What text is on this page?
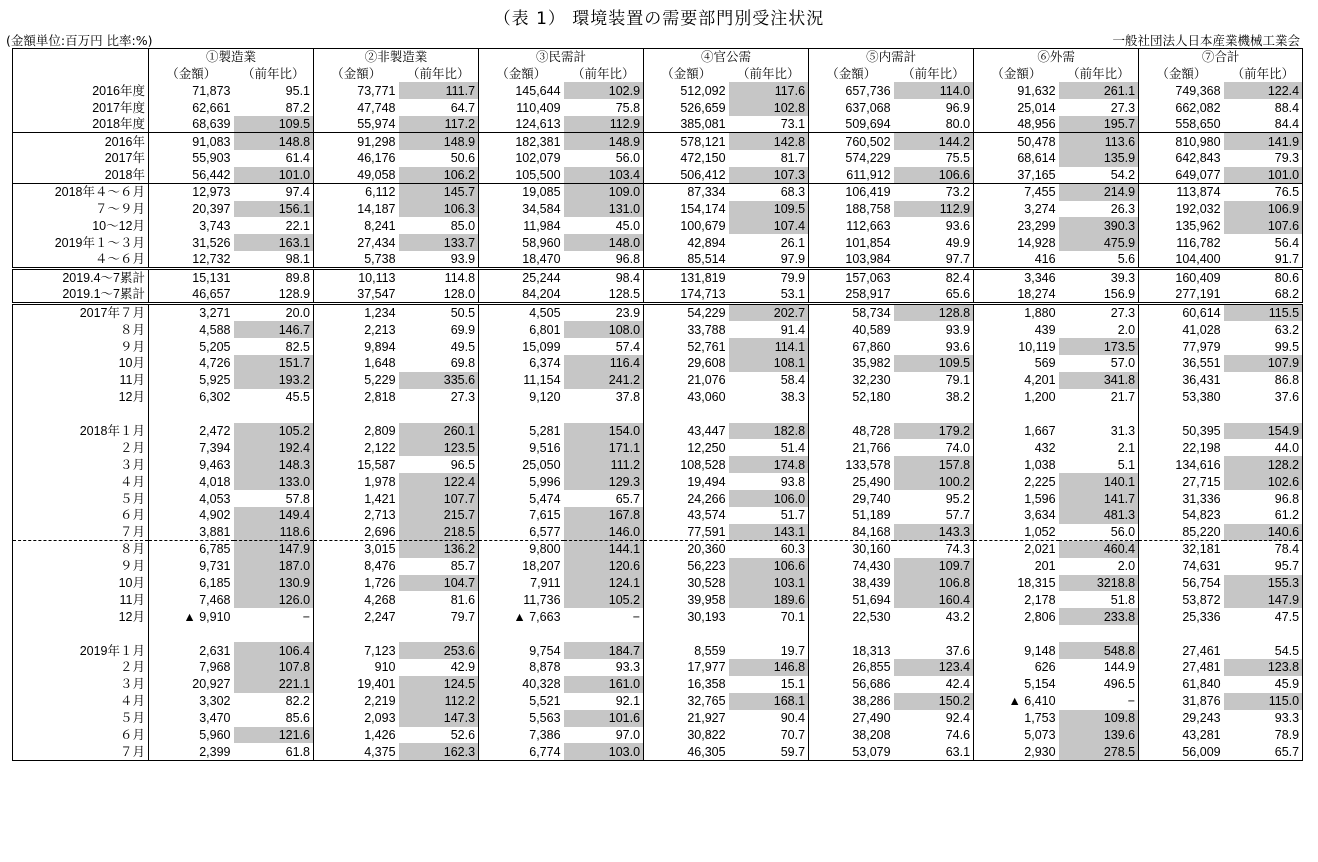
（表 1） 環境装置の需要部門別受注状況
(金額単位:百万円 比率:%)	一般社団法人日本産業機械工業会
	①製造業		②非製造業		③民需計		④官公需		⑤内需計		⑥外需		⑦合計	
	（金額）	（前年比）	（金額）	（前年比）	（金額）	（前年比）	（金額）	（前年比）	（金額）	（前年比）	（金額）	（前年比）	（金額）	（前年比）
2016年度	71,873	95.1	73,771	111.7	145,644	102.9	512,092	117.6	657,736	114.0	91,632	261.1	749,368	122.4
2017年度	62,661	87.2	47,748	64.7	110,409	75.8	526,659	102.8	637,068	96.9	25,014	27.3	662,082	88.4
2018年度	68,639	109.5	55,974	117.2	124,613	112.9	385,081	73.1	509,694	80.0	48,956	195.7	558,650	84.4
2016年	91,083	148.8	91,298	148.9	182,381	148.9	578,121	142.8	760,502	144.2	50,478	113.6	810,980	141.9
2017年	55,903	61.4	46,176	50.6	102,079	56.0	472,150	81.7	574,229	75.5	68,614	135.9	642,843	79.3
2018年	56,442	101.0	49,058	106.2	105,500	103.4	506,412	107.3	611,912	106.6	37,165	54.2	649,077	101.0
2018年４～６月	12,973	97.4	6,112	145.7	19,085	109.0	87,334	68.3	106,419	73.2	7,455	214.9	113,874	76.5
７～９月	20,397	156.1	14,187	106.3	34,584	131.0	154,174	109.5	188,758	112.9	3,274	26.3	192,032	106.9
10～12月	3,743	22.1	8,241	85.0	11,984	45.0	100,679	107.4	112,663	93.6	23,299	390.3	135,962	107.6
2019年１～３月	31,526	163.1	27,434	133.7	58,960	148.0	42,894	26.1	101,854	49.9	14,928	475.9	116,782	56.4
４～６月	12,732	98.1	5,738	93.9	18,470	96.8	85,514	97.9	103,984	97.7	416	5.6	104,400	91.7
2019.4～7累計	15,131	89.8	10,113	114.8	25,244	98.4	131,819	79.9	157,063	82.4	3,346	39.3	160,409	80.6
2019.1～7累計	46,657	128.9	37,547	128.0	84,204	128.5	174,713	53.1	258,917	65.6	18,274	156.9	277,191	68.2
2017年７月	3,271	20.0	1,234	50.5	4,505	23.9	54,229	202.7	58,734	128.8	1,880	27.3	60,614	115.5
８月	4,588	146.7	2,213	69.9	6,801	108.0	33,788	91.4	40,589	93.9	439	2.0	41,028	63.2
９月	5,205	82.5	9,894	49.5	15,099	57.4	52,761	114.1	67,860	93.6	10,119	173.5	77,979	99.5
10月	4,726	151.7	1,648	69.8	6,374	116.4	29,608	108.1	35,982	109.5	569	57.0	36,551	107.9
11月	5,925	193.2	5,229	335.6	11,154	241.2	21,076	58.4	32,230	79.1	4,201	341.8	36,431	86.8
12月	6,302	45.5	2,818	27.3	9,120	37.8	43,060	38.3	52,180	38.2	1,200	21.7	53,380	37.6

2018年１月	2,472	105.2	2,809	260.1	5,281	154.0	43,447	182.8	48,728	179.2	1,667	31.3	50,395	154.9
２月	7,394	192.4	2,122	123.5	9,516	171.1	12,250	51.4	21,766	74.0	432	2.1	22,198	44.0
３月	9,463	148.3	15,587	96.5	25,050	111.2	108,528	174.8	133,578	157.8	1,038	5.1	134,616	128.2
４月	4,018	133.0	1,978	122.4	5,996	129.3	19,494	93.8	25,490	100.2	2,225	140.1	27,715	102.6
５月	4,053	57.8	1,421	107.7	5,474	65.7	24,266	106.0	29,740	95.2	1,596	141.7	31,336	96.8
６月	4,902	149.4	2,713	215.7	7,615	167.8	43,574	51.7	51,189	57.7	3,634	481.3	54,823	61.2
７月	3,881	118.6	2,696	218.5	6,577	146.0	77,591	143.1	84,168	143.3	1,052	56.0	85,220	140.6
８月	6,785	147.9	3,015	136.2	9,800	144.1	20,360	60.3	30,160	74.3	2,021	460.4	32,181	78.4
９月	9,731	187.0	8,476	85.7	18,207	120.6	56,223	106.6	74,430	109.7	201	2.0	74,631	95.7
10月	6,185	130.9	1,726	104.7	7,911	124.1	30,528	103.1	38,439	106.8	18,315	3218.8	56,754	155.3
11月	7,468	126.0	4,268	81.6	11,736	105.2	39,958	189.6	51,694	160.4	2,178	51.8	53,872	147.9
12月	▲ 9,910	−	2,247	79.7	▲ 7,663	−	30,193	70.1	22,530	43.2	2,806	233.8	25,336	47.5

2019年１月	2,631	106.4	7,123	253.6	9,754	184.7	8,559	19.7	18,313	37.6	9,148	548.8	27,461	54.5
２月	7,968	107.8	910	42.9	8,878	93.3	17,977	146.8	26,855	123.4	626	144.9	27,481	123.8
３月	20,927	221.1	19,401	124.5	40,328	161.0	16,358	15.1	56,686	42.4	5,154	496.5	61,840	45.9
４月	3,302	82.2	2,219	112.2	5,521	92.1	32,765	168.1	38,286	150.2	▲ 6,410	−	31,876	115.0
５月	3,470	85.6	2,093	147.3	5,563	101.6	21,927	90.4	27,490	92.4	1,753	109.8	29,243	93.3
６月	5,960	121.6	1,426	52.6	7,386	97.0	30,822	70.7	38,208	74.6	5,073	139.6	43,281	78.9
７月	2,399	61.8	4,375	162.3	6,774	103.0	46,305	59.7	53,079	63.1	2,930	278.5	56,009	65.7
